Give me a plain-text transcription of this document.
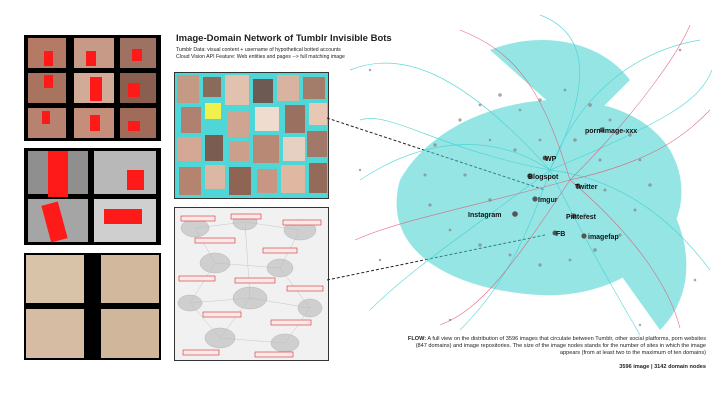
Image-Domain Network of Tumblr Invisible Bots
Tumblr Data: visual content + username of hypothetical botted accounts
Cloud Vision API Feature: Web entities and pages --> full matching image
porn-image-xxx
WP
Blogspot
Twitter
Imgur
Instagram	Pinterest
FB	imagefap
FLOW: A full view on the distribution of 3596 images that circulate between Tumblr, other social platforms, porn websites (847 domains) and image repositories. The size of the image nodes stands for the number of sites in which the image appears (from at least two to the maximum of ten domains)
3596 image | 3142 domain nodes
